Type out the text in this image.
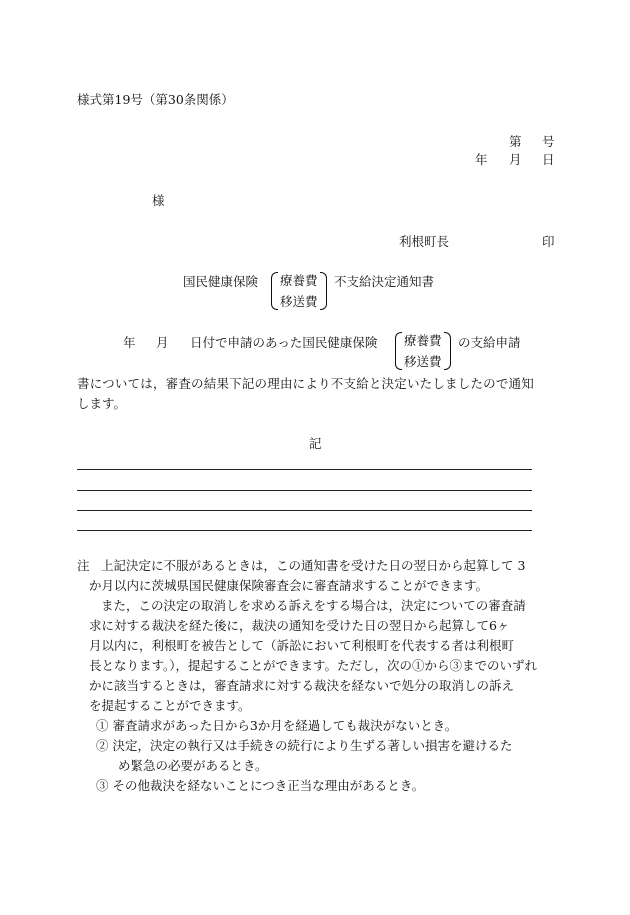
様式第19号（第30条関係）
第 号
年 月 日
様
利根町長	印
国民健康保険 療養費
移送費
不支給決定通知書
年 月 日付で申請のあった国民健康保険 療養費
移送費
の支給申請
書については，審査の結果下記の理由により不支給と決定いたしましたので通知
します。
記
注 上記決定に不服があるときは，この通知書を受けた日の翌日から起算して 3
か月以内に茨城県国民健康保険審査会に審査請求することができます。
また，この決定の取消しを求める訴えをする場合は，決定についての審査請
求に対する裁決を経た後に，裁決の通知を受けた日の翌日から起算して6ヶ
月以内に，利根町を被告として（訴訟において利根町を代表する者は利根町
長となります。），提起することができます。ただし，次の①から③までのいずれ
かに該当するときは，審査請求に対する裁決を経ないで処分の取消しの訴え
を提起することができます。
① 審査請求があった日から3か月を経過しても裁決がないとき。
② 決定，決定の執行又は手続きの続行により生ずる著しい損害を避けるた
め緊急の必要があるとき。
③ その他裁決を経ないことにつき正当な理由があるとき。
